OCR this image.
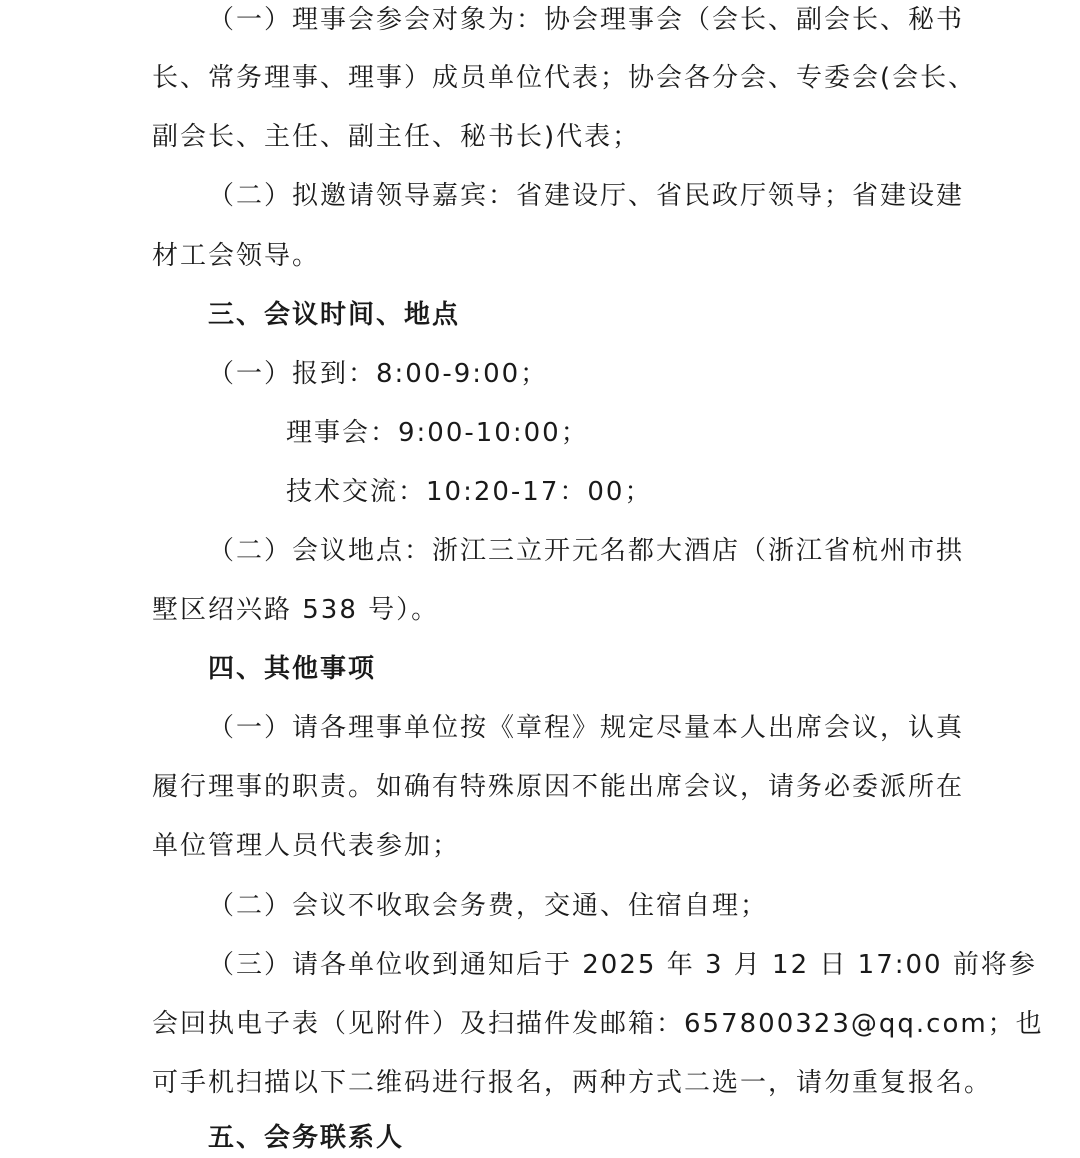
（一）理事会参会对象为：协会理事会（会长、副会长、秘书
长、常务理事、理事）成员单位代表；协会各分会、专委会(会长、
副会长、主任、副主任、秘书长)代表；
（二）拟邀请领导嘉宾：省建设厅、省民政厅领导；省建设建
材工会领导。
三、会议时间、地点
（一）报到：8:00-9:00；
理事会：9:00-10:00；
技术交流：10:20-17：00；
（二）会议地点：浙江三立开元名都大酒店（浙江省杭州市拱
墅区绍兴路 538 号）。
四、其他事项
（一）请各理事单位按《章程》规定尽量本人出席会议，认真
履行理事的职责。如确有特殊原因不能出席会议，请务必委派所在
单位管理人员代表参加；
（二）会议不收取会务费，交通、住宿自理；
（三）请各单位收到通知后于 2025 年 3 月 12 日 17:00 前将参
会回执电子表（见附件）及扫描件发邮箱：657800323@qq.com；也
可手机扫描以下二维码进行报名，两种方式二选一，请勿重复报名。
五、会务联系人
